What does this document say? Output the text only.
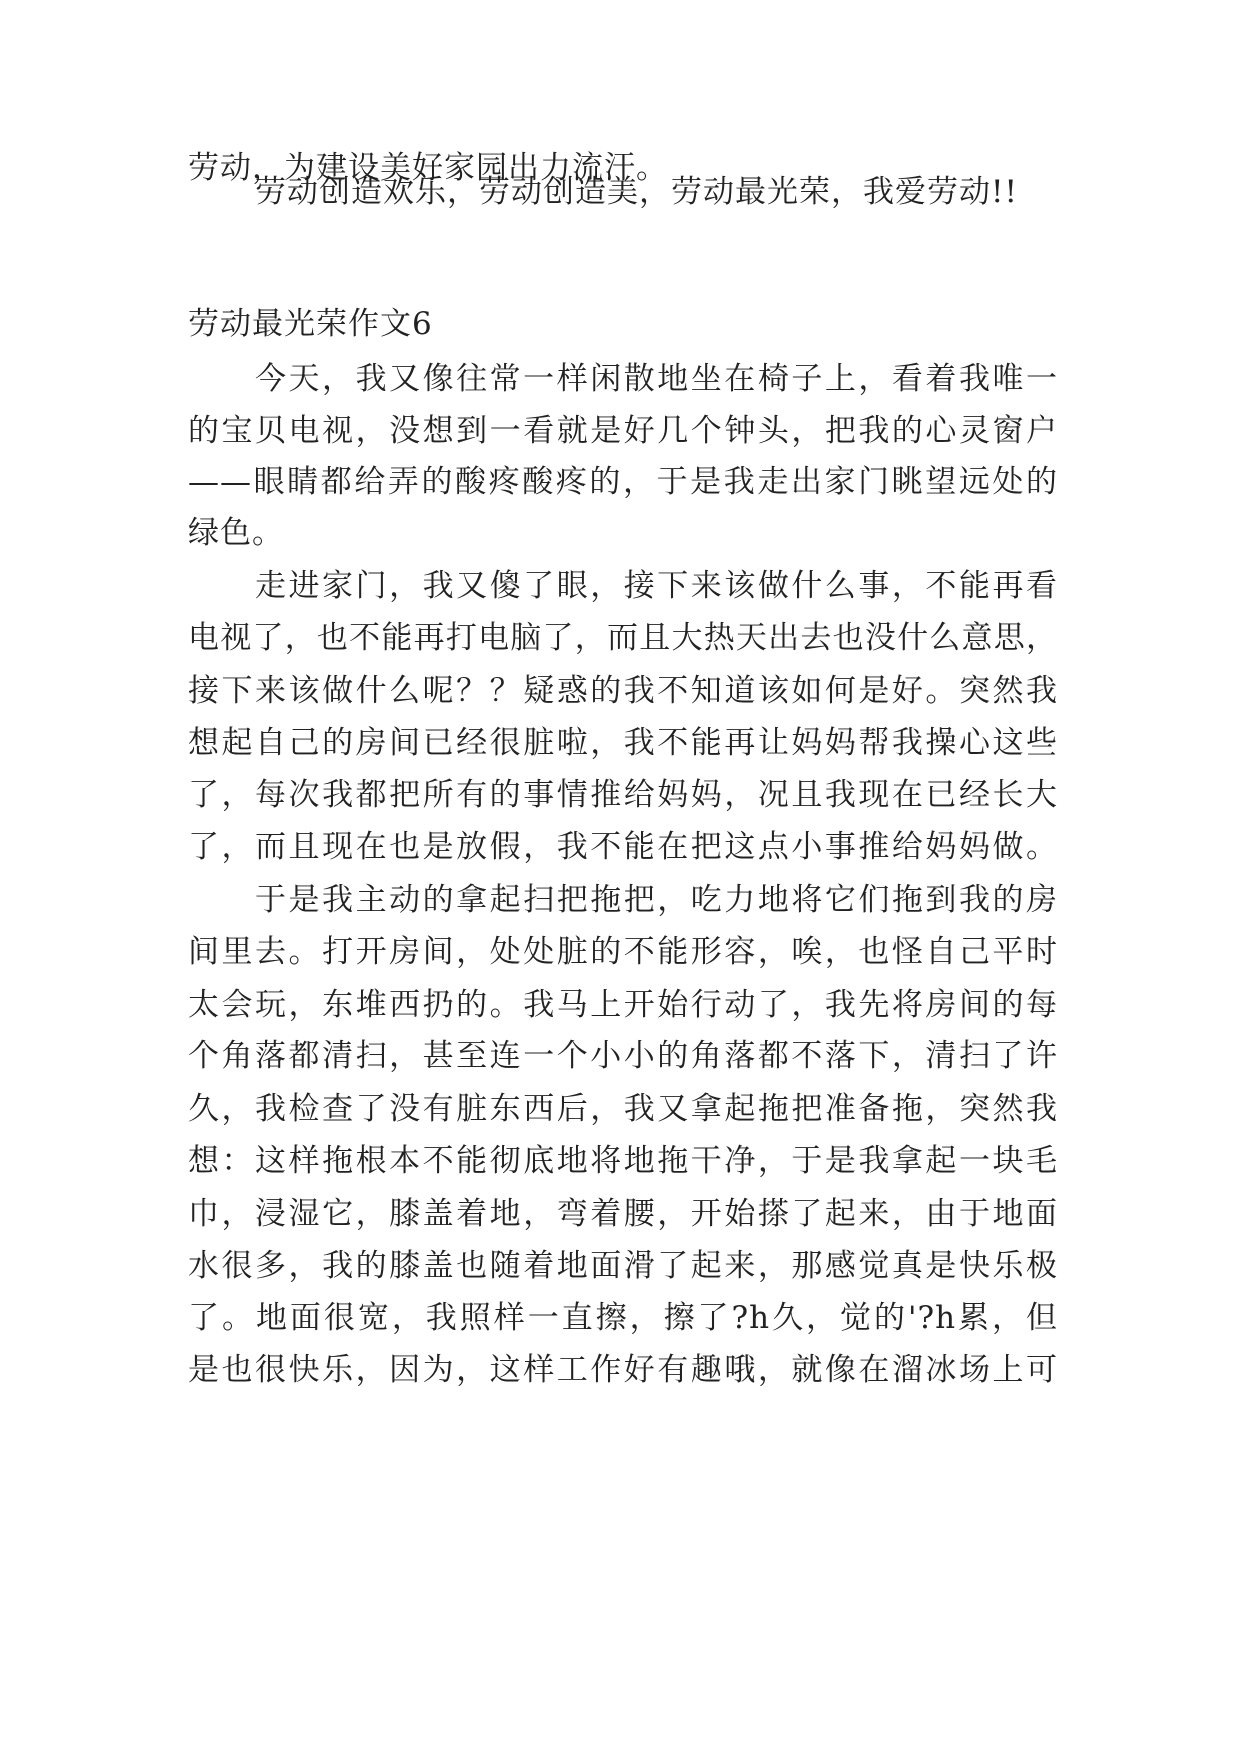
劳动，为建设美好家园出力流汗。
劳动创造欢乐，劳动创造美，劳动最光荣，我爱劳动!!
劳动最光荣作文6
今天，我又像往常一样闲散地坐在椅子上，看着我唯一
的宝贝电视，没想到一看就是好几个钟头，把我的心灵窗户
——眼睛都给弄的酸疼酸疼的，于是我走出家门眺望远处的
绿色。
走进家门，我又傻了眼，接下来该做什么事，不能再看
电视了，也不能再打电脑了，而且大热天出去也没什么意思，
接下来该做什么呢？？疑惑的我不知道该如何是好。突然我
想起自己的房间已经很脏啦，我不能再让妈妈帮我操心这些
了，每次我都把所有的事情推给妈妈，况且我现在已经长大
了，而且现在也是放假，我不能在把这点小事推给妈妈做。
于是我主动的拿起扫把拖把，吃力地将它们拖到我的房
间里去。打开房间，处处脏的不能形容，唉，也怪自己平时
太会玩，东堆西扔的。我马上开始行动了，我先将房间的每
个角落都清扫，甚至连一个小小的角落都不落下，清扫了许
久，我检查了没有脏东西后，我又拿起拖把准备拖，突然我
想：这样拖根本不能彻底地将地拖干净，于是我拿起一块毛
巾，浸湿它，膝盖着地，弯着腰，开始搽了起来，由于地面
水很多，我的膝盖也随着地面滑了起来，那感觉真是快乐极
了。地面很宽，我照样一直擦，擦了?h久，觉的'?h累，但
是也很快乐，因为，这样工作好有趣哦，就像在溜冰场上可
